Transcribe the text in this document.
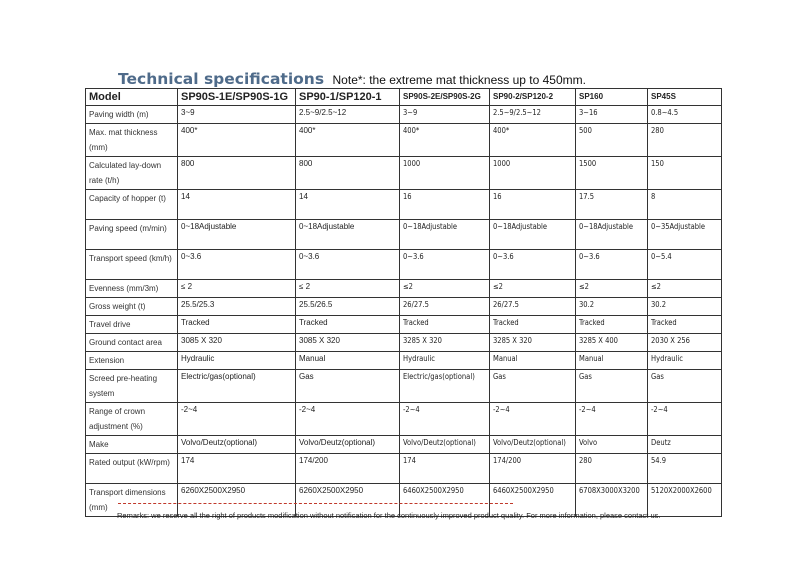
Technical specifications Note*: the extreme mat thickness up to 450mm.
Model	SP90S-1E/SP90S-1G	SP90-1/SP120-1	SP90S-2E/SP90S-2G	SP90-2/SP120-2	SP160	SP45S
Paving width (m)	3~9	2.5~9/2.5~12	3~9	2.5~9/2.5~12	3~16	0.8~4.5
Max. mat thickness (mm)	400*	400*	400*	400*	500	280
Calculated lay-down rate (t/h)	800	800	1000	1000	1500	150
Capacity of hopper (t)	14	14	16	16	17.5	8
Paving speed (m/min)	0~18Adjustable	0~18Adjustable	0~18Adjustable	0~18Adjustable	0~18Adjustable	0~35Adjustable
Transport speed (km/h)	0~3.6	0~3.6	0~3.6	0~3.6	0~3.6	0~5.4
Evenness (mm/3m)	≤ 2	≤ 2	≤2	≤2	≤2	≤2
Gross weight (t)	25.5/25.3	25.5/26.5	26/27.5	26/27.5	30.2	30.2
Travel drive	Tracked	Tracked	Tracked	Tracked	Tracked	Tracked
Ground contact area	3085 X 320	3085 X 320	3285 X 320	3285 X 320	3285 X 400	2030 X 256
Extension	Hydraulic	Manual	Hydraulic	Manual	Manual	Hydraulic
Screed pre-heating system	Electric/gas(optional)	Gas	Electric/gas(optional)	Gas	Gas	Gas
Range of crown adjustment (%)	-2~4	-2~4	-2~4	-2~4	-2~4	-2~4
Make	Volvo/Deutz(optional)	Volvo/Deutz(optional)	Volvo/Deutz(optional)	Volvo/Deutz(optional)	Volvo	Deutz
Rated output (kW/rpm)	174	174/200	174	174/200	280	54.9
Transport dimensions (mm)	6260X2500X2950	6260X2500X2950	6460X2500X2950	6460X2500X2950	6708X3000X3200	5120X2000X2600
Remarks: we reserve all the right of products modification without notification for the continuously improved product quality. For more information, please contact us.
